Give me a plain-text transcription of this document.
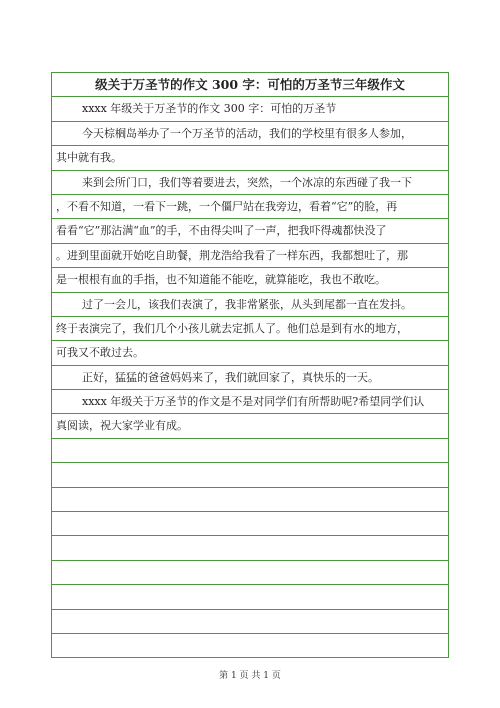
级关于万圣节的作文 300 字：可怕的万圣节三年级作文
xxxx 年级关于万圣节的作文 300 字：可怕的万圣节
今天棕榈岛举办了一个万圣节的活动，我们的学校里有很多人参加，
其中就有我。
来到会所门口，我们等着要进去，突然，一个冰凉的东西碰了我一下
，不看不知道，一看下一跳，一个僵尸站在我旁边，看着“它”的脸，再
看看“它”那沾满“血”的手，不由得尖叫了一声，把我吓得魂都快没了
。进到里面就开始吃自助餐，荆龙浩给我看了一样东西，我都想吐了，那
是一根根有血的手指，也不知道能不能吃，就算能吃，我也不敢吃。
过了一会儿，该我们表演了，我非常紧张，从头到尾都一直在发抖。
终于表演完了，我们几个小孩儿就去定抓人了。他们总是到有水的地方，
可我又不敢过去。
正好，猛猛的爸爸妈妈来了，我们就回家了，真快乐的一天。
xxxx 年级关于万圣节的作文是不是对同学们有所帮助呢?希望同学们认
真阅读，祝大家学业有成。
第 1 页 共 1 页
